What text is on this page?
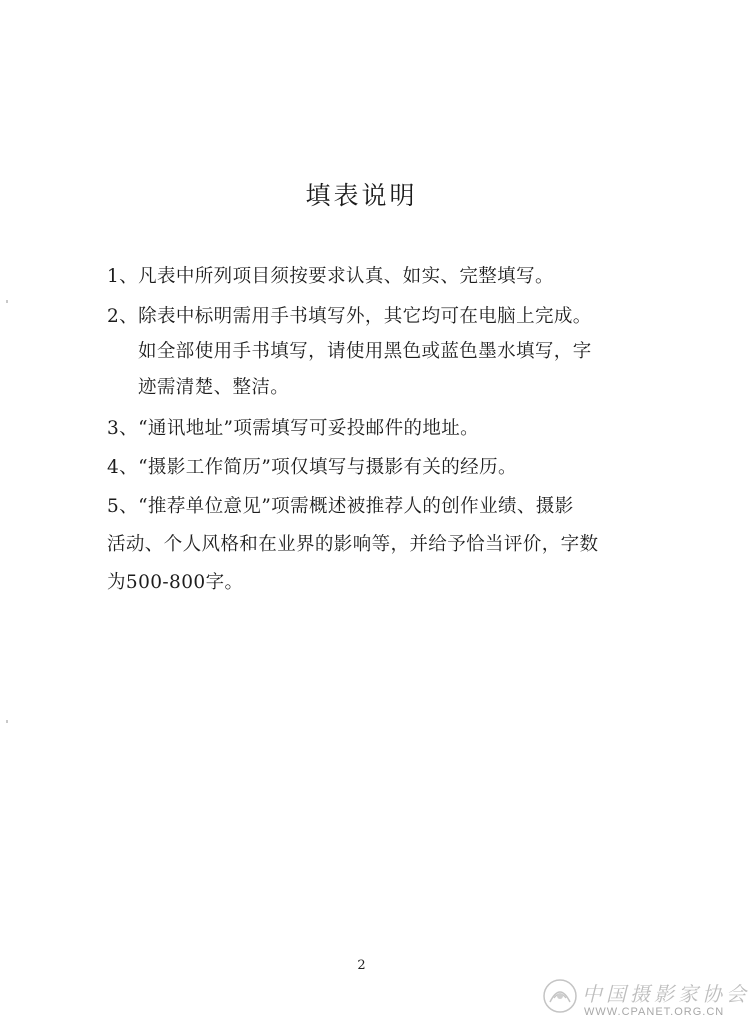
填表说明
1、凡表中所列项目须按要求认真、如实、完整填写。
2、除表中标明需用手书填写外，其它均可在电脑上完成。
如全部使用手书填写，请使用黑色或蓝色墨水填写，字
迹需清楚、整洁。
3、“通讯地址”项需填写可妥投邮件的地址。
4、“摄影工作简历”项仅填写与摄影有关的经历。
5、“推荐单位意见”项需概述被推荐人的创作业绩、摄影
活动、个人风格和在业界的影响等，并给予恰当评价，字数
为500-800字。
2
中国摄影家协会
WWW.CPANET.ORG.CN
